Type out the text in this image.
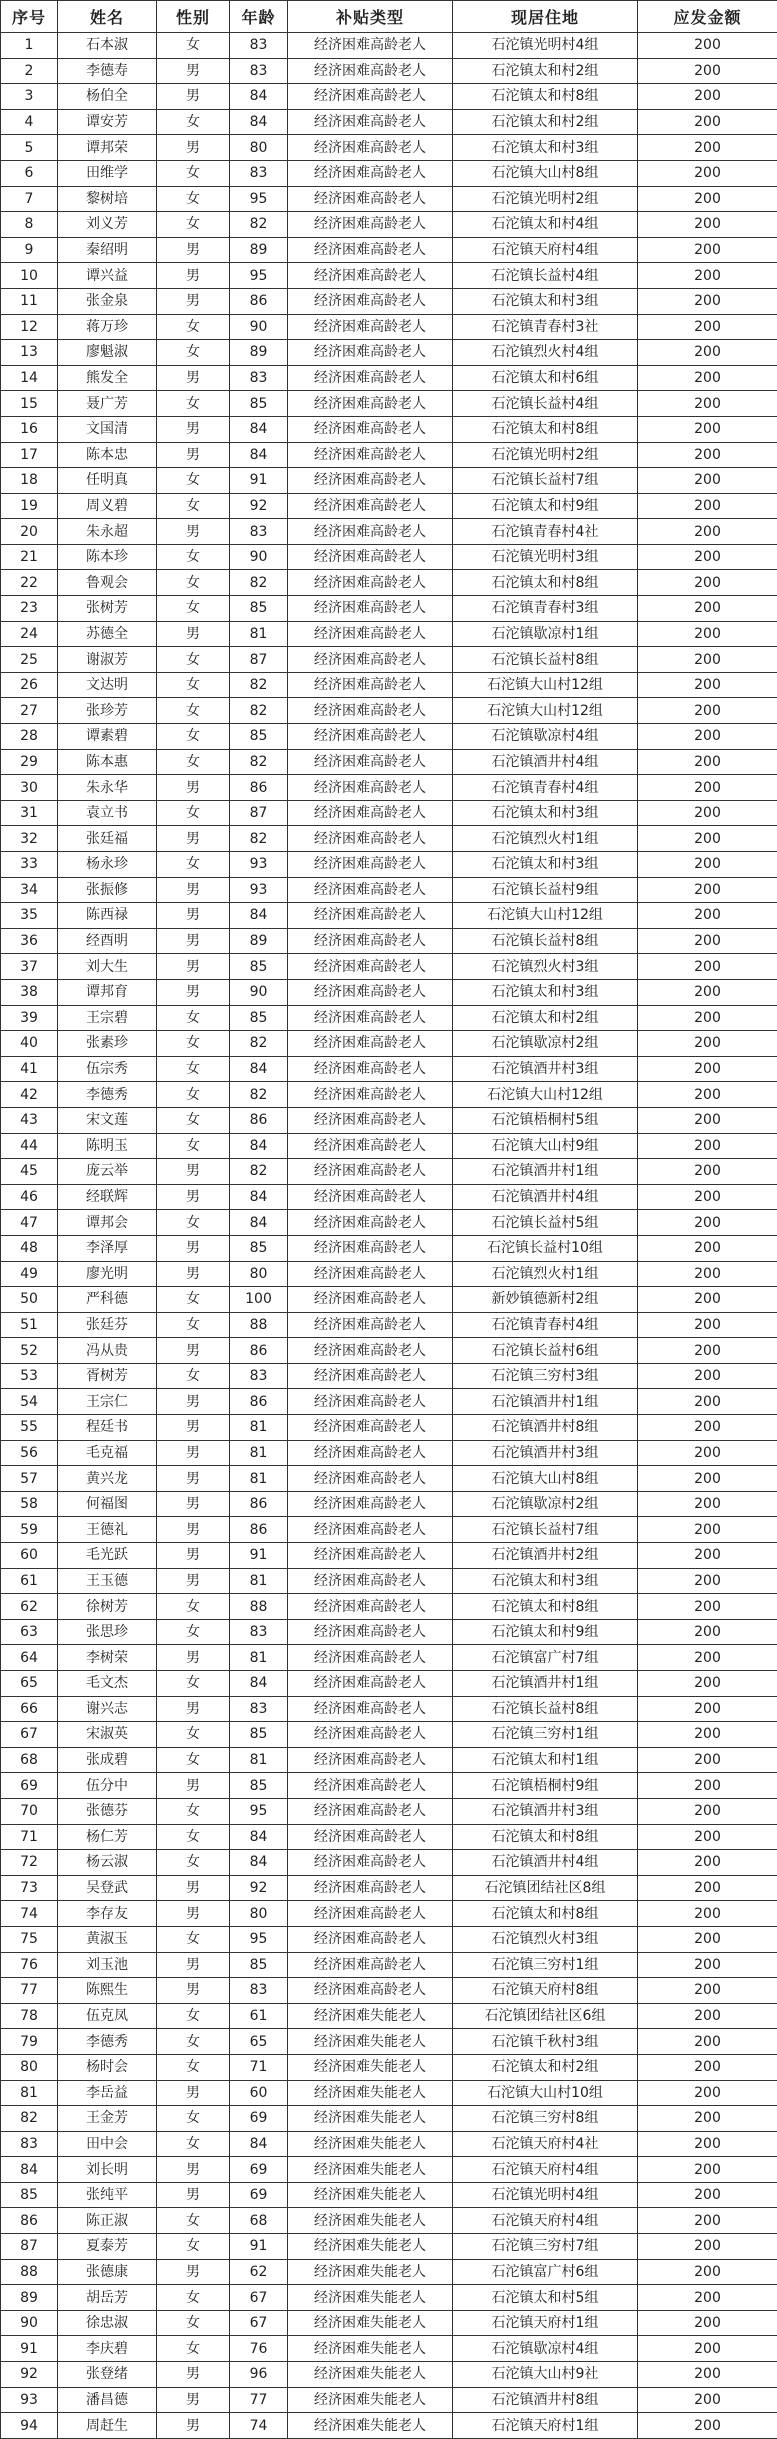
序号	姓名	性别	年龄	补贴类型	现居住地	应发金额
1	石本淑	女	83	经济困难高龄老人	石沱镇光明村4组	200
2	李德寿	男	83	经济困难高龄老人	石沱镇太和村2组	200
3	杨伯全	男	84	经济困难高龄老人	石沱镇太和村8组	200
4	谭安芳	女	84	经济困难高龄老人	石沱镇太和村2组	200
5	谭邦荣	男	80	经济困难高龄老人	石沱镇太和村3组	200
6	田维学	女	83	经济困难高龄老人	石沱镇大山村8组	200
7	黎树培	女	95	经济困难高龄老人	石沱镇光明村2组	200
8	刘义芳	女	82	经济困难高龄老人	石沱镇太和村4组	200
9	秦绍明	男	89	经济困难高龄老人	石沱镇天府村4组	200
10	谭兴益	男	95	经济困难高龄老人	石沱镇长益村4组	200
11	张金泉	男	86	经济困难高龄老人	石沱镇太和村3组	200
12	蒋万珍	女	90	经济困难高龄老人	石沱镇青春村3社	200
13	廖魁淑	女	89	经济困难高龄老人	石沱镇烈火村4组	200
14	熊发全	男	83	经济困难高龄老人	石沱镇太和村6组	200
15	聂广芳	女	85	经济困难高龄老人	石沱镇长益村4组	200
16	文国清	男	84	经济困难高龄老人	石沱镇太和村8组	200
17	陈本忠	男	84	经济困难高龄老人	石沱镇光明村2组	200
18	任明真	女	91	经济困难高龄老人	石沱镇长益村7组	200
19	周义碧	女	92	经济困难高龄老人	石沱镇太和村9组	200
20	朱永超	男	83	经济困难高龄老人	石沱镇青春村4社	200
21	陈本珍	女	90	经济困难高龄老人	石沱镇光明村3组	200
22	鲁观会	女	82	经济困难高龄老人	石沱镇太和村8组	200
23	张树芳	女	85	经济困难高龄老人	石沱镇青春村3组	200
24	苏德全	男	81	经济困难高龄老人	石沱镇歇凉村1组	200
25	谢淑芳	女	87	经济困难高龄老人	石沱镇长益村8组	200
26	文达明	女	82	经济困难高龄老人	石沱镇大山村12组	200
27	张珍芳	女	82	经济困难高龄老人	石沱镇大山村12组	200
28	谭素碧	女	85	经济困难高龄老人	石沱镇歇凉村4组	200
29	陈本惠	女	82	经济困难高龄老人	石沱镇酒井村4组	200
30	朱永华	男	86	经济困难高龄老人	石沱镇青春村4组	200
31	袁立书	女	87	经济困难高龄老人	石沱镇太和村3组	200
32	张廷福	男	82	经济困难高龄老人	石沱镇烈火村1组	200
33	杨永珍	女	93	经济困难高龄老人	石沱镇太和村3组	200
34	张振修	男	93	经济困难高龄老人	石沱镇长益村9组	200
35	陈西禄	男	84	经济困难高龄老人	石沱镇大山村12组	200
36	经酉明	男	89	经济困难高龄老人	石沱镇长益村8组	200
37	刘大生	男	85	经济困难高龄老人	石沱镇烈火村3组	200
38	谭邦育	男	90	经济困难高龄老人	石沱镇太和村3组	200
39	王宗碧	女	85	经济困难高龄老人	石沱镇太和村2组	200
40	张素珍	女	82	经济困难高龄老人	石沱镇歇凉村2组	200
41	伍宗秀	女	84	经济困难高龄老人	石沱镇酒井村3组	200
42	李德秀	女	82	经济困难高龄老人	石沱镇大山村12组	200
43	宋文莲	女	86	经济困难高龄老人	石沱镇梧桐村5组	200
44	陈明玉	女	84	经济困难高龄老人	石沱镇大山村9组	200
45	庞云举	男	82	经济困难高龄老人	石沱镇酒井村1组	200
46	经联辉	男	84	经济困难高龄老人	石沱镇酒井村4组	200
47	谭邦会	女	84	经济困难高龄老人	石沱镇长益村5组	200
48	李泽厚	男	85	经济困难高龄老人	石沱镇长益村10组	200
49	廖光明	男	80	经济困难高龄老人	石沱镇烈火村1组	200
50	严科德	女	100	经济困难高龄老人	新妙镇德新村2组	200
51	张廷芬	女	88	经济困难高龄老人	石沱镇青春村4组	200
52	冯从贵	男	86	经济困难高龄老人	石沱镇长益村6组	200
53	胥树芳	女	83	经济困难高龄老人	石沱镇三穷村3组	200
54	王宗仁	男	86	经济困难高龄老人	石沱镇酒井村1组	200
55	程廷书	男	81	经济困难高龄老人	石沱镇酒井村8组	200
56	毛克福	男	81	经济困难高龄老人	石沱镇酒井村3组	200
57	黄兴龙	男	81	经济困难高龄老人	石沱镇大山村8组	200
58	何福图	男	86	经济困难高龄老人	石沱镇歇凉村2组	200
59	王德礼	男	86	经济困难高龄老人	石沱镇长益村7组	200
60	毛光跃	男	91	经济困难高龄老人	石沱镇酒井村2组	200
61	王玉德	男	81	经济困难高龄老人	石沱镇太和村3组	200
62	徐树芳	女	88	经济困难高龄老人	石沱镇太和村8组	200
63	张思珍	女	83	经济困难高龄老人	石沱镇太和村9组	200
64	李树荣	男	81	经济困难高龄老人	石沱镇富广村7组	200
65	毛文杰	女	84	经济困难高龄老人	石沱镇酒井村1组	200
66	谢兴志	男	83	经济困难高龄老人	石沱镇长益村8组	200
67	宋淑英	女	85	经济困难高龄老人	石沱镇三穷村1组	200
68	张成碧	女	81	经济困难高龄老人	石沱镇太和村1组	200
69	伍分中	男	85	经济困难高龄老人	石沱镇梧桐村9组	200
70	张德芬	女	95	经济困难高龄老人	石沱镇酒井村3组	200
71	杨仁芳	女	84	经济困难高龄老人	石沱镇太和村8组	200
72	杨云淑	女	84	经济困难高龄老人	石沱镇酒井村4组	200
73	吴登武	男	92	经济困难高龄老人	石沱镇团结社区8组	200
74	李存友	男	80	经济困难高龄老人	石沱镇太和村8组	200
75	黄淑玉	女	95	经济困难高龄老人	石沱镇烈火村3组	200
76	刘玉池	男	85	经济困难高龄老人	石沱镇三穷村1组	200
77	陈熙生	男	83	经济困难高龄老人	石沱镇天府村8组	200
78	伍克凤	女	61	经济困难失能老人	石沱镇团结社区6组	200
79	李德秀	女	65	经济困难失能老人	石沱镇千秋村3组	200
80	杨时会	女	71	经济困难失能老人	石沱镇太和村2组	200
81	李岳益	男	60	经济困难失能老人	石沱镇大山村10组	200
82	王金芳	女	69	经济困难失能老人	石沱镇三穷村8组	200
83	田中会	女	84	经济困难失能老人	石沱镇天府村4社	200
84	刘长明	男	69	经济困难失能老人	石沱镇天府村4组	200
85	张纯平	男	69	经济困难失能老人	石沱镇光明村4组	200
86	陈正淑	女	68	经济困难失能老人	石沱镇天府村4组	200
87	夏泰芳	女	91	经济困难失能老人	石沱镇三穷村7组	200
88	张德康	男	62	经济困难失能老人	石沱镇富广村6组	200
89	胡岳芳	女	67	经济困难失能老人	石沱镇太和村5组	200
90	徐忠淑	女	67	经济困难失能老人	石沱镇天府村1组	200
91	李庆碧	女	76	经济困难失能老人	石沱镇歇凉村4组	200
92	张登绪	男	96	经济困难失能老人	石沱镇大山村9社	200
93	潘昌德	男	77	经济困难失能老人	石沱镇酒井村8组	200
94	周赶生	男	74	经济困难失能老人	石沱镇天府村1组	200
